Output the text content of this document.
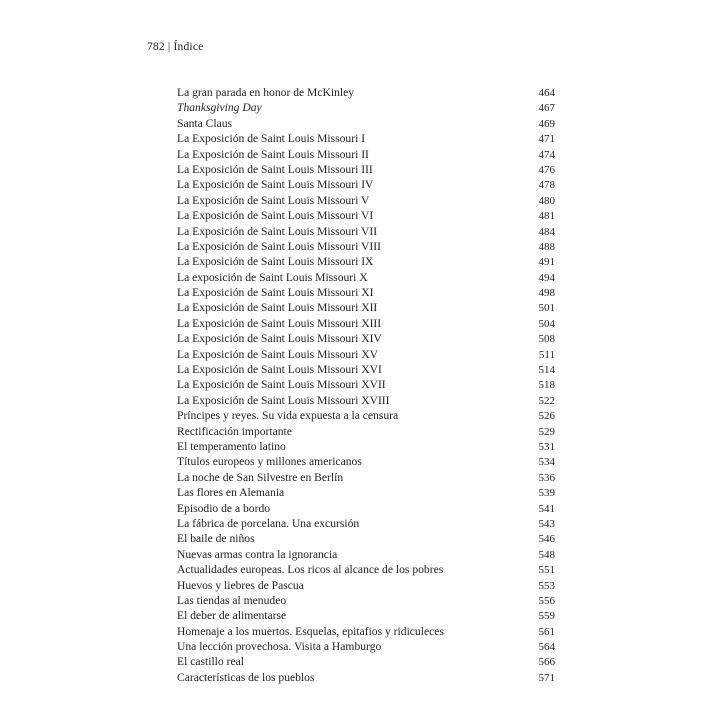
782 | Índice
La gran parada en honor de McKinley	464
Thanksgiving Day	467
Santa Claus	469
La Exposición de Saint Louis Missouri I	471
La Exposición de Saint Louis Missouri II	474
La Exposición de Saint Louis Missouri III	476
La Exposición de Saint Louis Missouri IV	478
La Exposición de Saint Louis Missouri V	480
La Exposición de Saint Louis Missouri VI	481
La Exposición de Saint Louis Missouri VII	484
La Exposición de Saint Louis Missouri VIII	488
La Exposición de Saint Louis Missouri IX	491
La exposición de Saint Louis Missouri X	494
La Exposición de Saint Louis Missouri XI	498
La Exposición de Saint Louis Missouri XII	501
La Exposición de Saint Louis Missouri XIII	504
La Exposición de Saint Louis Missouri XIV	508
La Exposición de Saint Louis Missouri XV	511
La Exposición de Saint Louis Missouri XVI	514
La Exposición de Saint Louis Missouri XVII	518
La Exposición de Saint Louis Missouri XVIII	522
Príncipes y reyes. Su vida expuesta a la censura	526
Rectificación importante	529
El temperamento latino	531
Títulos europeos y millones americanos	534
La noche de San Silvestre en Berlín	536
Las flores en Alemania	539
Episodio de a bordo	541
La fábrica de porcelana. Una excursión	543
El baile de niños	546
Nuevas armas contra la ignorancia	548
Actualidades europeas. Los ricos al alcance de los pobres	551
Huevos y liebres de Pascua	553
Las tiendas al menudeo	556
El deber de alimentarse	559
Homenaje a los muertos. Esquelas, epitafios y ridiculeces	561
Una lección provechosa. Visita a Hamburgo	564
El castillo real	566
Características de los pueblos	571
